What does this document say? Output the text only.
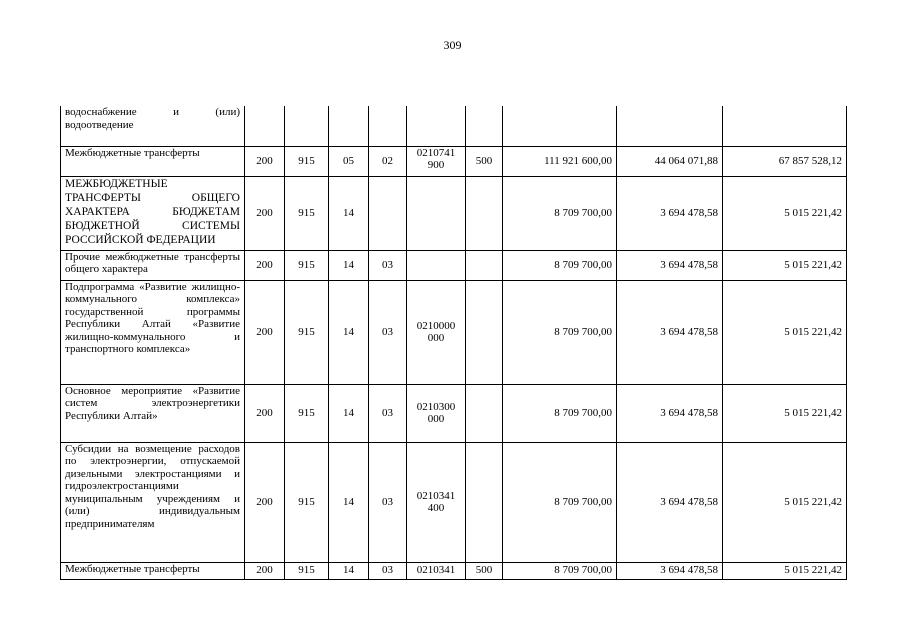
309
водоснабжение и (или) водоотведение									
Межбюджетные трансферты	200	915	05	02	0210741 900	500	111 921 600,00	44 064 071,88	67 857 528,12
МЕЖБЮДЖЕТНЫЕ ТРАНСФЕРТЫ ОБЩЕГО ХАРАКТЕРА БЮДЖЕТАМ БЮДЖЕТНОЙ СИСТЕМЫ РОССИЙСКОЙ ФЕДЕРАЦИИ	200	915	14				8 709 700,00	3 694 478,58	5 015 221,42
Прочие межбюджетные трансферты общего характера	200	915	14	03			8 709 700,00	3 694 478,58	5 015 221,42
Подпрограмма «Развитие жилищно-коммунального комплекса» государственной программы Республики Алтай «Развитие жилищно-коммунального и транспортного комплекса»	200	915	14	03	0210000 000		8 709 700,00	3 694 478,58	5 015 221,42
Основное мероприятие «Развитие систем электроэнергетики Республики Алтай»	200	915	14	03	0210300 000		8 709 700,00	3 694 478,58	5 015 221,42
Субсидии на возмещение расходов по электроэнергии, отпускаемой дизельными электростанциями и гидроэлектростанциями муниципальным учреждениям и (или) индивидуальным предпринимателям	200	915	14	03	0210341 400		8 709 700,00	3 694 478,58	5 015 221,42
Межбюджетные трансферты	200	915	14	03	0210341	500	8 709 700,00	3 694 478,58	5 015 221,42
